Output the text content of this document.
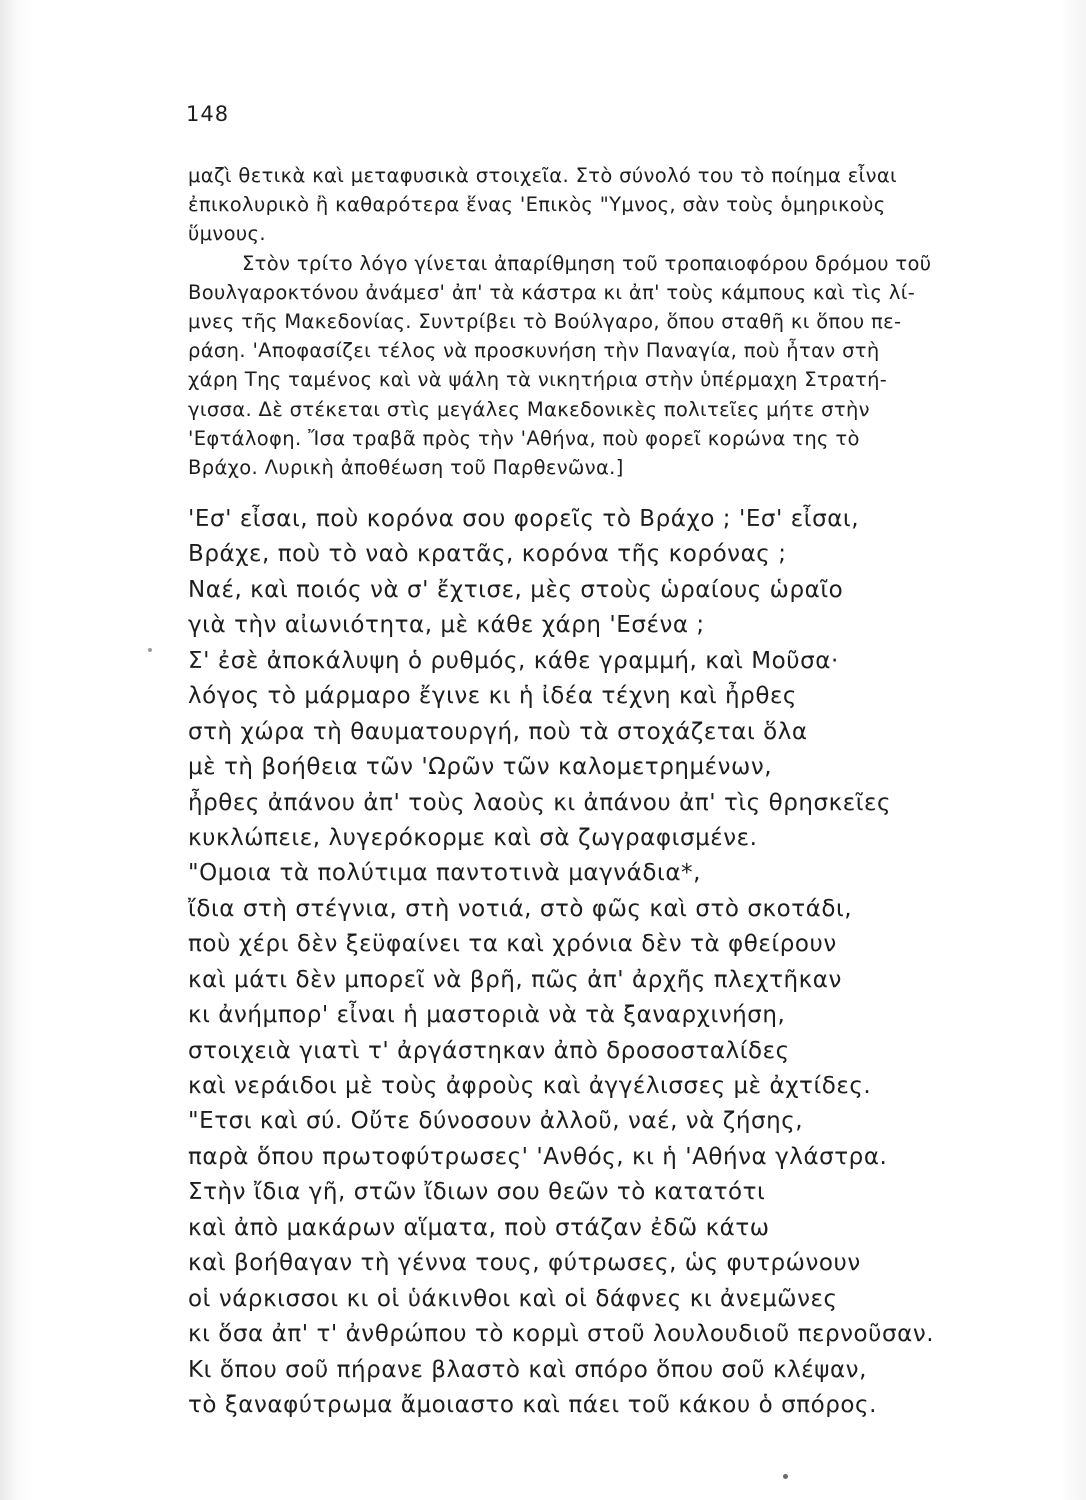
148
μαζὶ θετικὰ καὶ μεταφυσικὰ στοιχεῖα. Στὸ σύνολό του τὸ ποίημα εἶναι
ἐπικολυρικὸ ἢ καθαρότερα ἕνας 'Επικὸς "Υμνος, σὰν τοὺς ὁμηρικοὺς
ὕμνους.
Στὸν τρίτο λόγο γίνεται ἀπαρίθμηση τοῦ τροπαιοφόρου δρόμου τοῦ
Βουλγαροκτόνου ἀνάμεσ' ἀπ' τὰ κάστρα κι ἀπ' τοὺς κάμπους καὶ τὶς λί-
μνες τῆς Μακεδονίας. Συντρίβει τὸ Βούλγαρο, ὅπου σταθῆ κι ὅπου πε-
ράση. 'Αποφασίζει τέλος νὰ προσκυνήση τὴν Παναγία, ποὺ ἦταν στὴ
χάρη Της ταμένος καὶ νὰ ψάλη τὰ νικητήρια στὴν ὑπέρμαχη Στρατή-
γισσα. Δὲ στέκεται στὶς μεγάλες Μακεδονικὲς πολιτεῖες μήτε στὴν
'Εφτάλοφη. Ἴσα τραβᾶ πρὸς τὴν 'Αθήνα, ποὺ φορεῖ κορώνα της τὸ
Βράχο. Λυρικὴ ἀποθέωση τοῦ Παρθενῶνα.]
'Εσ' εἶσαι, ποὺ κορόνα σου φορεῖς τὸ Βράχο ; 'Εσ' εἶσαι,
Βράχε, ποὺ τὸ ναὸ κρατᾶς, κορόνα τῆς κορόνας ;
Ναέ, καὶ ποιός νὰ σ' ἔχτισε, μὲς στοὺς ὡραίους ὡραῖο
γιὰ τὴν αἰωνιότητα, μὲ κάθε χάρη 'Εσένα ;
Σ' ἐσὲ ἀποκάλυψη ὁ ρυθμός, κάθε γραμμή, καὶ Μοῦσα·
λόγος τὸ μάρμαρο ἔγινε κι ἡ ἰδέα τέχνη καὶ ἦρθες
στὴ χώρα τὴ θαυματουργή, ποὺ τὰ στοχάζεται ὅλα
μὲ τὴ βοήθεια τῶν 'Ωρῶν τῶν καλομετρημένων,
ἦρθες ἀπάνου ἀπ' τοὺς λαοὺς κι ἀπάνου ἀπ' τὶς θρησκεῖες
κυκλώπειε, λυγερόκορμε καὶ σὰ ζωγραφισμένε.
"Ομοια τὰ πολύτιμα παντοτινὰ μαγνάδια*,
ἴδια στὴ στέγνια, στὴ νοτιά, στὸ φῶς καὶ στὸ σκοτάδι,
ποὺ χέρι δὲν ξεϋφαίνει τα καὶ χρόνια δὲν τὰ φθείρουν
καὶ μάτι δὲν μπορεῖ νὰ βρῆ, πῶς ἀπ' ἀρχῆς πλεχτῆκαν
κι ἀνήμπορ' εἶναι ἡ μαστοριὰ νὰ τὰ ξαναρχινήση,
στοιχειὰ γιατὶ τ' ἀργάστηκαν ἀπὸ δροσοσταλίδες
καὶ νεράιδοι μὲ τοὺς ἀφροὺς καὶ ἀγγέλισσες μὲ ἀχτίδες.
"Ετσι καὶ σύ. Οὔτε δύνοσουν ἀλλοῦ, ναέ, νὰ ζήσης,
παρὰ ὅπου πρωτοφύτρωσες' 'Ανθός, κι ἡ 'Αθήνα γλάστρα.
Στὴν ἴδια γῆ, στῶν ἴδιων σου θεῶν τὸ κατατότι
καὶ ἀπὸ μακάρων αἵματα, ποὺ στάζαν ἐδῶ κάτω
καὶ βοήθαγαν τὴ γέννα τους, φύτρωσες, ὡς φυτρώνουν
οἱ νάρκισσοι κι οἱ ὑάκινθοι καὶ οἱ δάφνες κι ἀνεμῶνες
κι ὅσα ἀπ' τ' ἀνθρώπου τὸ κορμὶ στοῦ λουλουδιοῦ περνοῦσαν.
Κι ὅπου σοῦ πήρανε βλαστὸ καὶ σπόρο ὅπου σοῦ κλέψαν,
τὸ ξαναφύτρωμα ἄμοιαστο καὶ πάει τοῦ κάκου ὁ σπόρος.
